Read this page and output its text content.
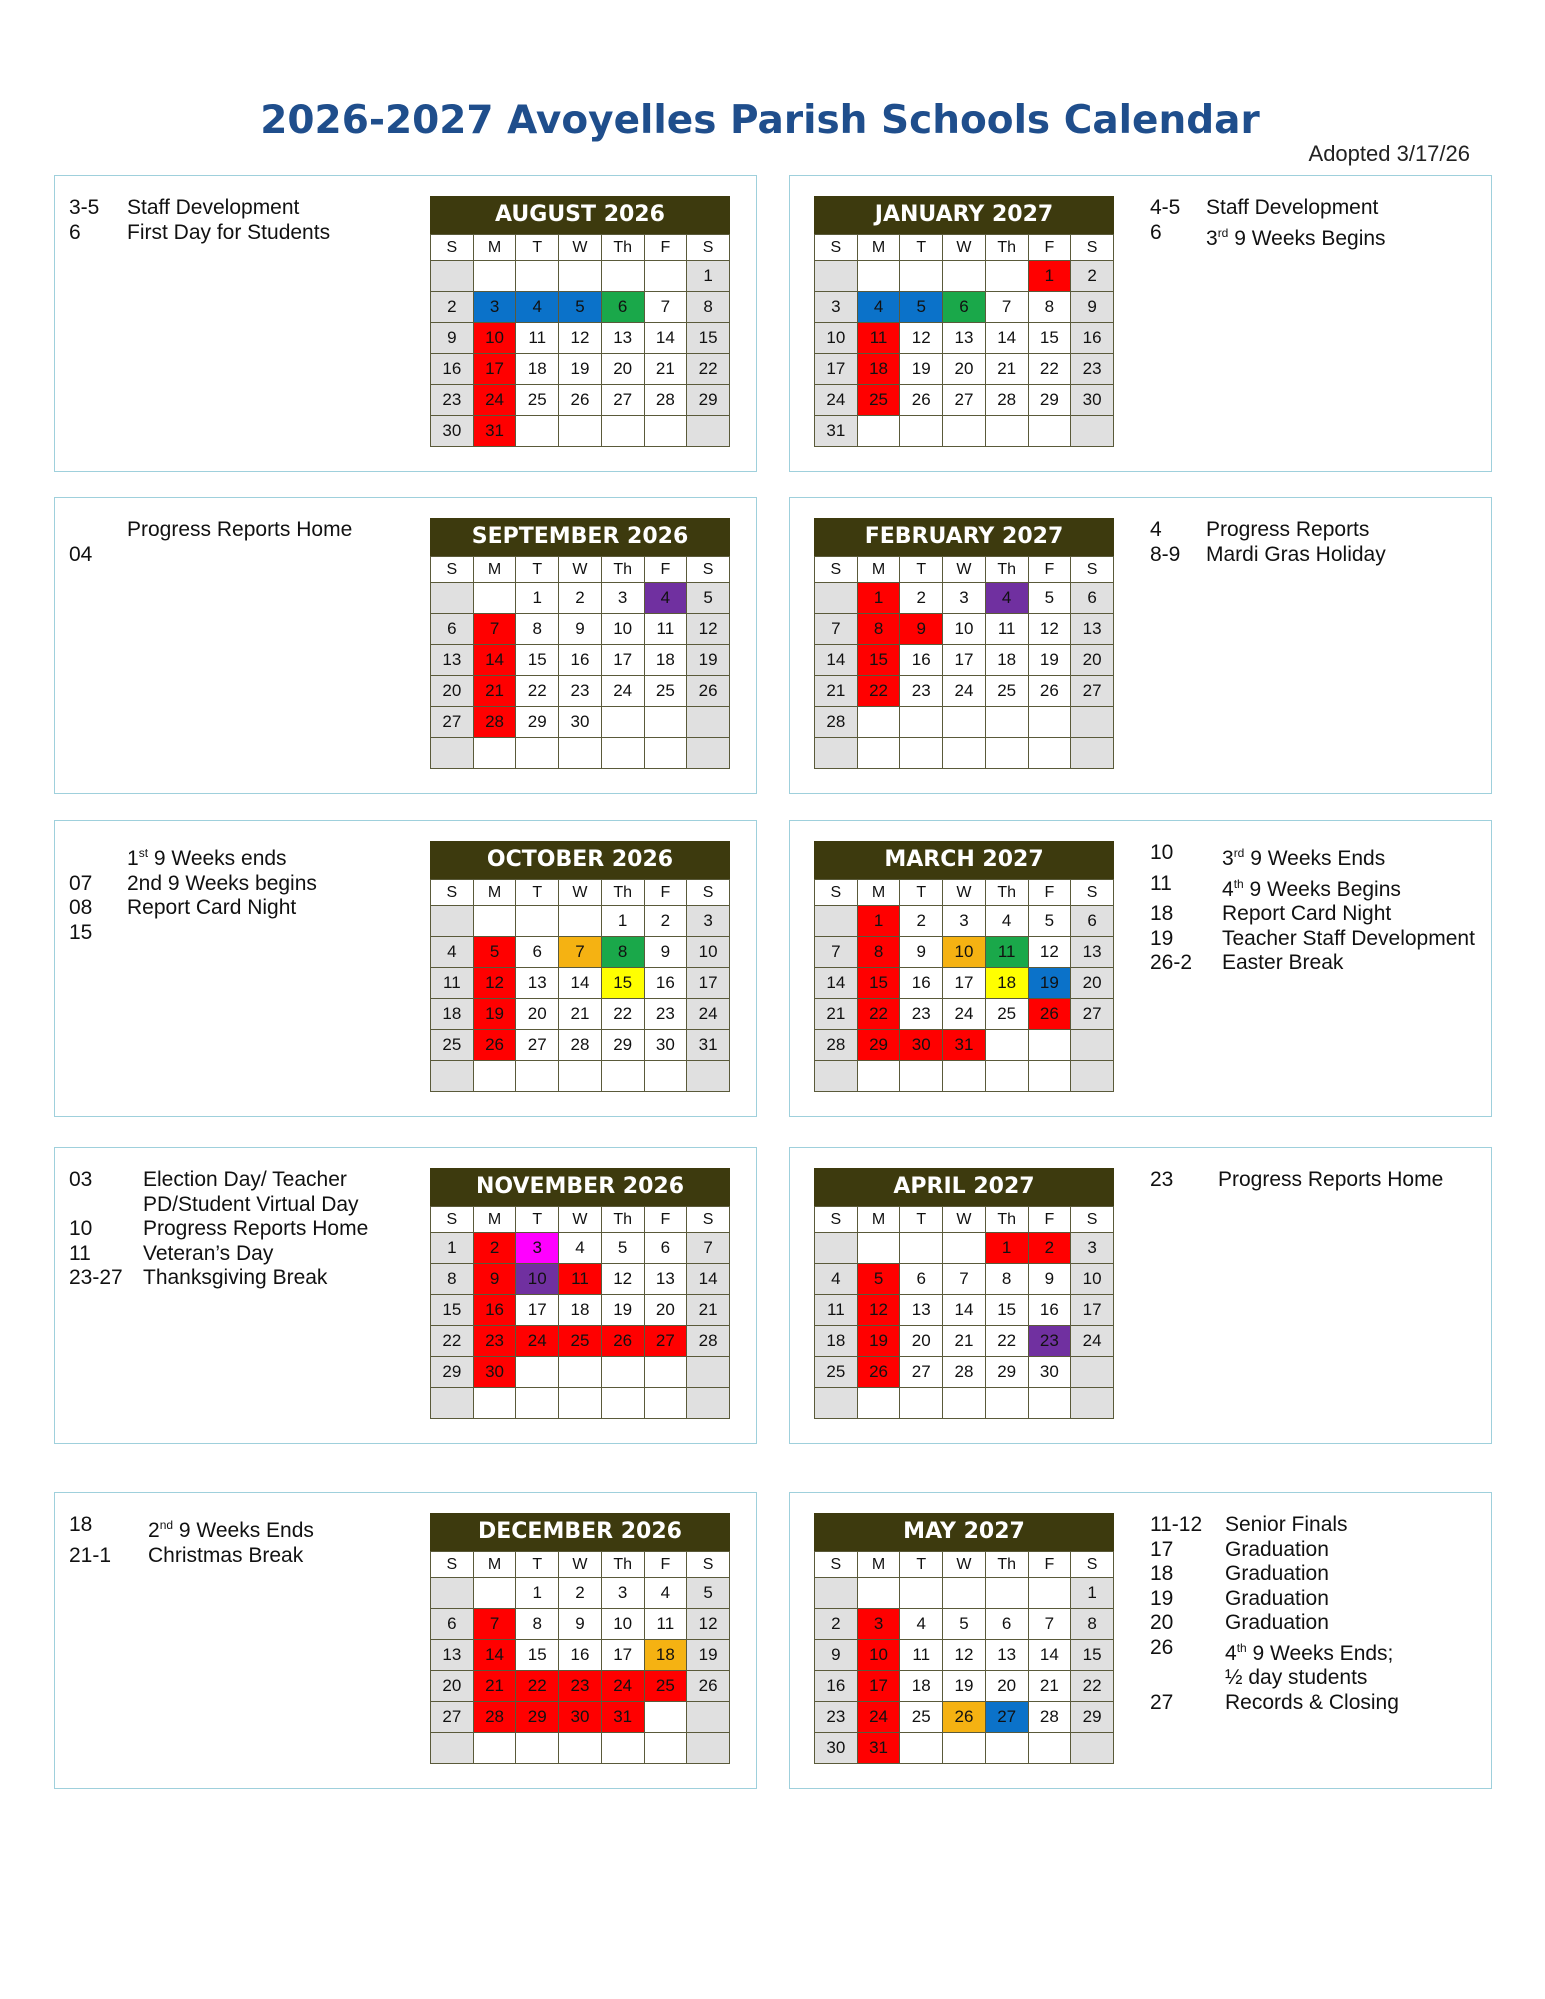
2026-2027 Avoyelles Parish Schools Calendar
Adopted 3/17/26
3-5	Staff Development
6	First Day for Students
AUGUST 2026
S	M	T	W	Th	F	S
						1
2	3	4	5	6	7	8
9	10	11	12	13	14	15
16	17	18	19	20	21	22
23	24	25	26	27	28	29
30	31					
Progress Reports Home
04
SEPTEMBER 2026
S	M	T	W	Th	F	S
		1	2	3	4	5
6	7	8	9	10	11	12
13	14	15	16	17	18	19
20	21	22	23	24	25	26
27	28	29	30			

1st 9 Weeks ends
07	2nd 9 Weeks begins
08	Report Card Night
15
OCTOBER 2026
S	M	T	W	Th	F	S
				1	2	3
4	5	6	7	8	9	10
11	12	13	14	15	16	17
18	19	20	21	22	23	24
25	26	27	28	29	30	31

03	Election Day/ Teacher
PD/Student Virtual Day
10	Progress Reports Home
11	Veteran’s Day
23-27 Thanksgiving Break
NOVEMBER 2026
S	M	T	W	Th	F	S
1	2	3	4	5	6	7
8	9	10	11	12	13	14
15	16	17	18	19	20	21
22	23	24	25	26	27	28
29	30					

18	2nd 9 Weeks Ends
21-1	Christmas Break
DECEMBER 2026
S	M	T	W	Th	F	S
		1	2	3	4	5
6	7	8	9	10	11	12
13	14	15	16	17	18	19
20	21	22	23	24	25	26
27	28	29	30	31		

4-5	Staff Development
6	3rd 9 Weeks Begins
JANUARY 2027
S	M	T	W	Th	F	S
					1	2
3	4	5	6	7	8	9
10	11	12	13	14	15	16
17	18	19	20	21	22	23
24	25	26	27	28	29	30
31						
4	Progress Reports
8-9	Mardi Gras Holiday
FEBRUARY 2027
S	M	T	W	Th	F	S
	1	2	3	4	5	6
7	8	9	10	11	12	13
14	15	16	17	18	19	20
21	22	23	24	25	26	27
28						

10	3rd 9 Weeks Ends
11	4th 9 Weeks Begins
18	Report Card Night
19	Teacher Staff Development
26-2	Easter Break
MARCH 2027
S	M	T	W	Th	F	S
	1	2	3	4	5	6
7	8	9	10	11	12	13
14	15	16	17	18	19	20
21	22	23	24	25	26	27
28	29	30	31			

23	Progress Reports Home
APRIL 2027
S	M	T	W	Th	F	S
				1	2	3
4	5	6	7	8	9	10
11	12	13	14	15	16	17
18	19	20	21	22	23	24
25	26	27	28	29	30	

11-12	Senior Finals
17	Graduation
18	Graduation
19	Graduation
20	Graduation
26	4th 9 Weeks Ends;
½ day students
27	Records & Closing
MAY 2027
S	M	T	W	Th	F	S
						1
2	3	4	5	6	7	8
9	10	11	12	13	14	15
16	17	18	19	20	21	22
23	24	25	26	27	28	29
30	31					
